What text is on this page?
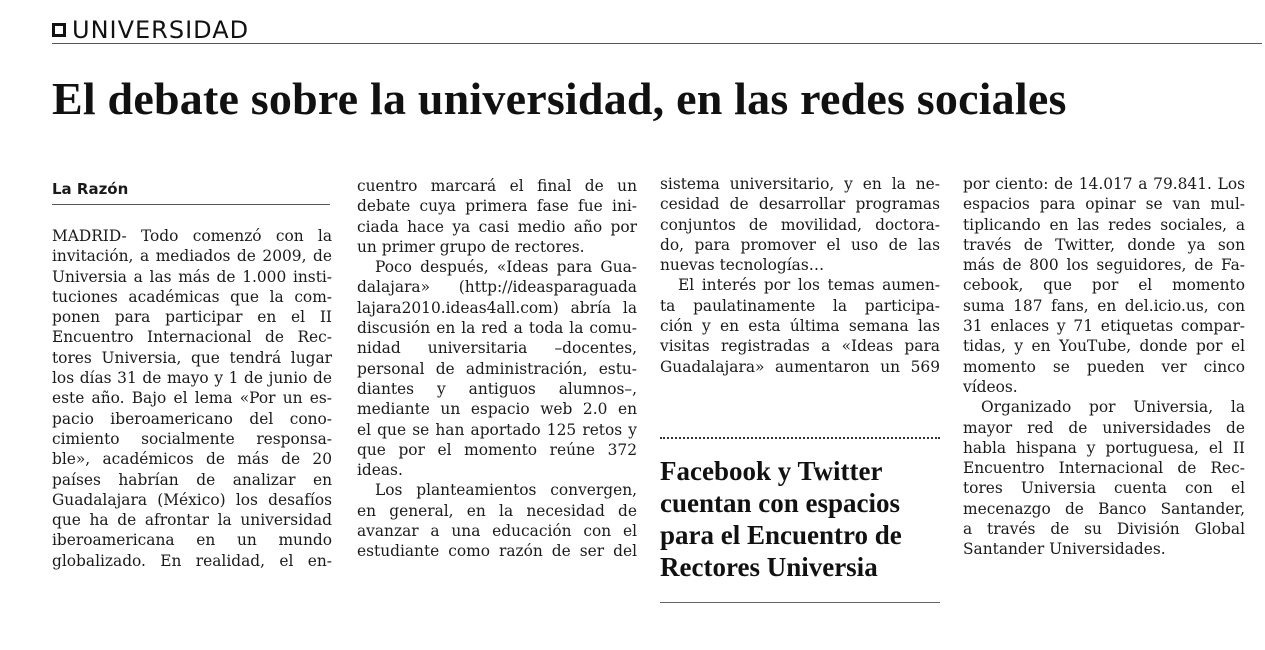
UNIVERSIDAD
El debate sobre la universidad, en las redes sociales
La Razón
MADRID- Todo comenzó con la
invitación, a mediados de 2009, de
Universia a las más de 1.000 insti-
tuciones académicas que la com-
ponen para participar en el II
Encuentro Internacional de Rec-
tores Universia, que tendrá lugar
los días 31 de mayo y 1 de junio de
este año. Bajo el lema «Por un es-
pacio iberoamericano del cono-
cimiento socialmente responsa-
ble», académicos de más de 20
países habrían de analizar en
Guadalajara (México) los desafíos
que ha de afrontar la universidad
iberoamericana en un mundo
globalizado. En realidad, el en-
cuentro marcará el final de un
debate cuya primera fase fue ini-
ciada hace ya casi medio año por
un primer grupo de rectores.
Poco después, «Ideas para Gua-
dalajara» (http://ideasparaguada
lajara2010.ideas4all.com) abría la
discusión en la red a toda la comu-
nidad universitaria –docentes,
personal de administración, estu-
diantes y antiguos alumnos–,
mediante un espacio web 2.0 en
el que se han aportado 125 retos y
que por el momento reúne 372
ideas.
Los planteamientos convergen,
en general, en la necesidad de
avanzar a una educación con el
estudiante como razón de ser del
sistema universitario, y en la ne-
cesidad de desarrollar programas
conjuntos de movilidad, doctora-
do, para promover el uso de las
nuevas tecnologías…
El interés por los temas aumen-
ta paulatinamente la participa-
ción y en esta última semana las
visitas registradas a «Ideas para
Guadalajara» aumentaron un 569
Facebook y Twitter
cuentan con espacios
para el Encuentro de
Rectores Universia
por ciento: de 14.017 a 79.841. Los
espacios para opinar se van mul-
tiplicando en las redes sociales, a
través de Twitter, donde ya son
más de 800 los seguidores, de Fa-
cebook, que por el momento
suma 187 fans, en del.icio.us, con
31 enlaces y 71 etiquetas compar-
tidas, y en YouTube, donde por el
momento se pueden ver cinco
vídeos.
Organizado por Universia, la
mayor red de universidades de
habla hispana y portuguesa, el II
Encuentro Internacional de Rec-
tores Universia cuenta con el
mecenazgo de Banco Santander,
a través de su División Global
Santander Universidades.
